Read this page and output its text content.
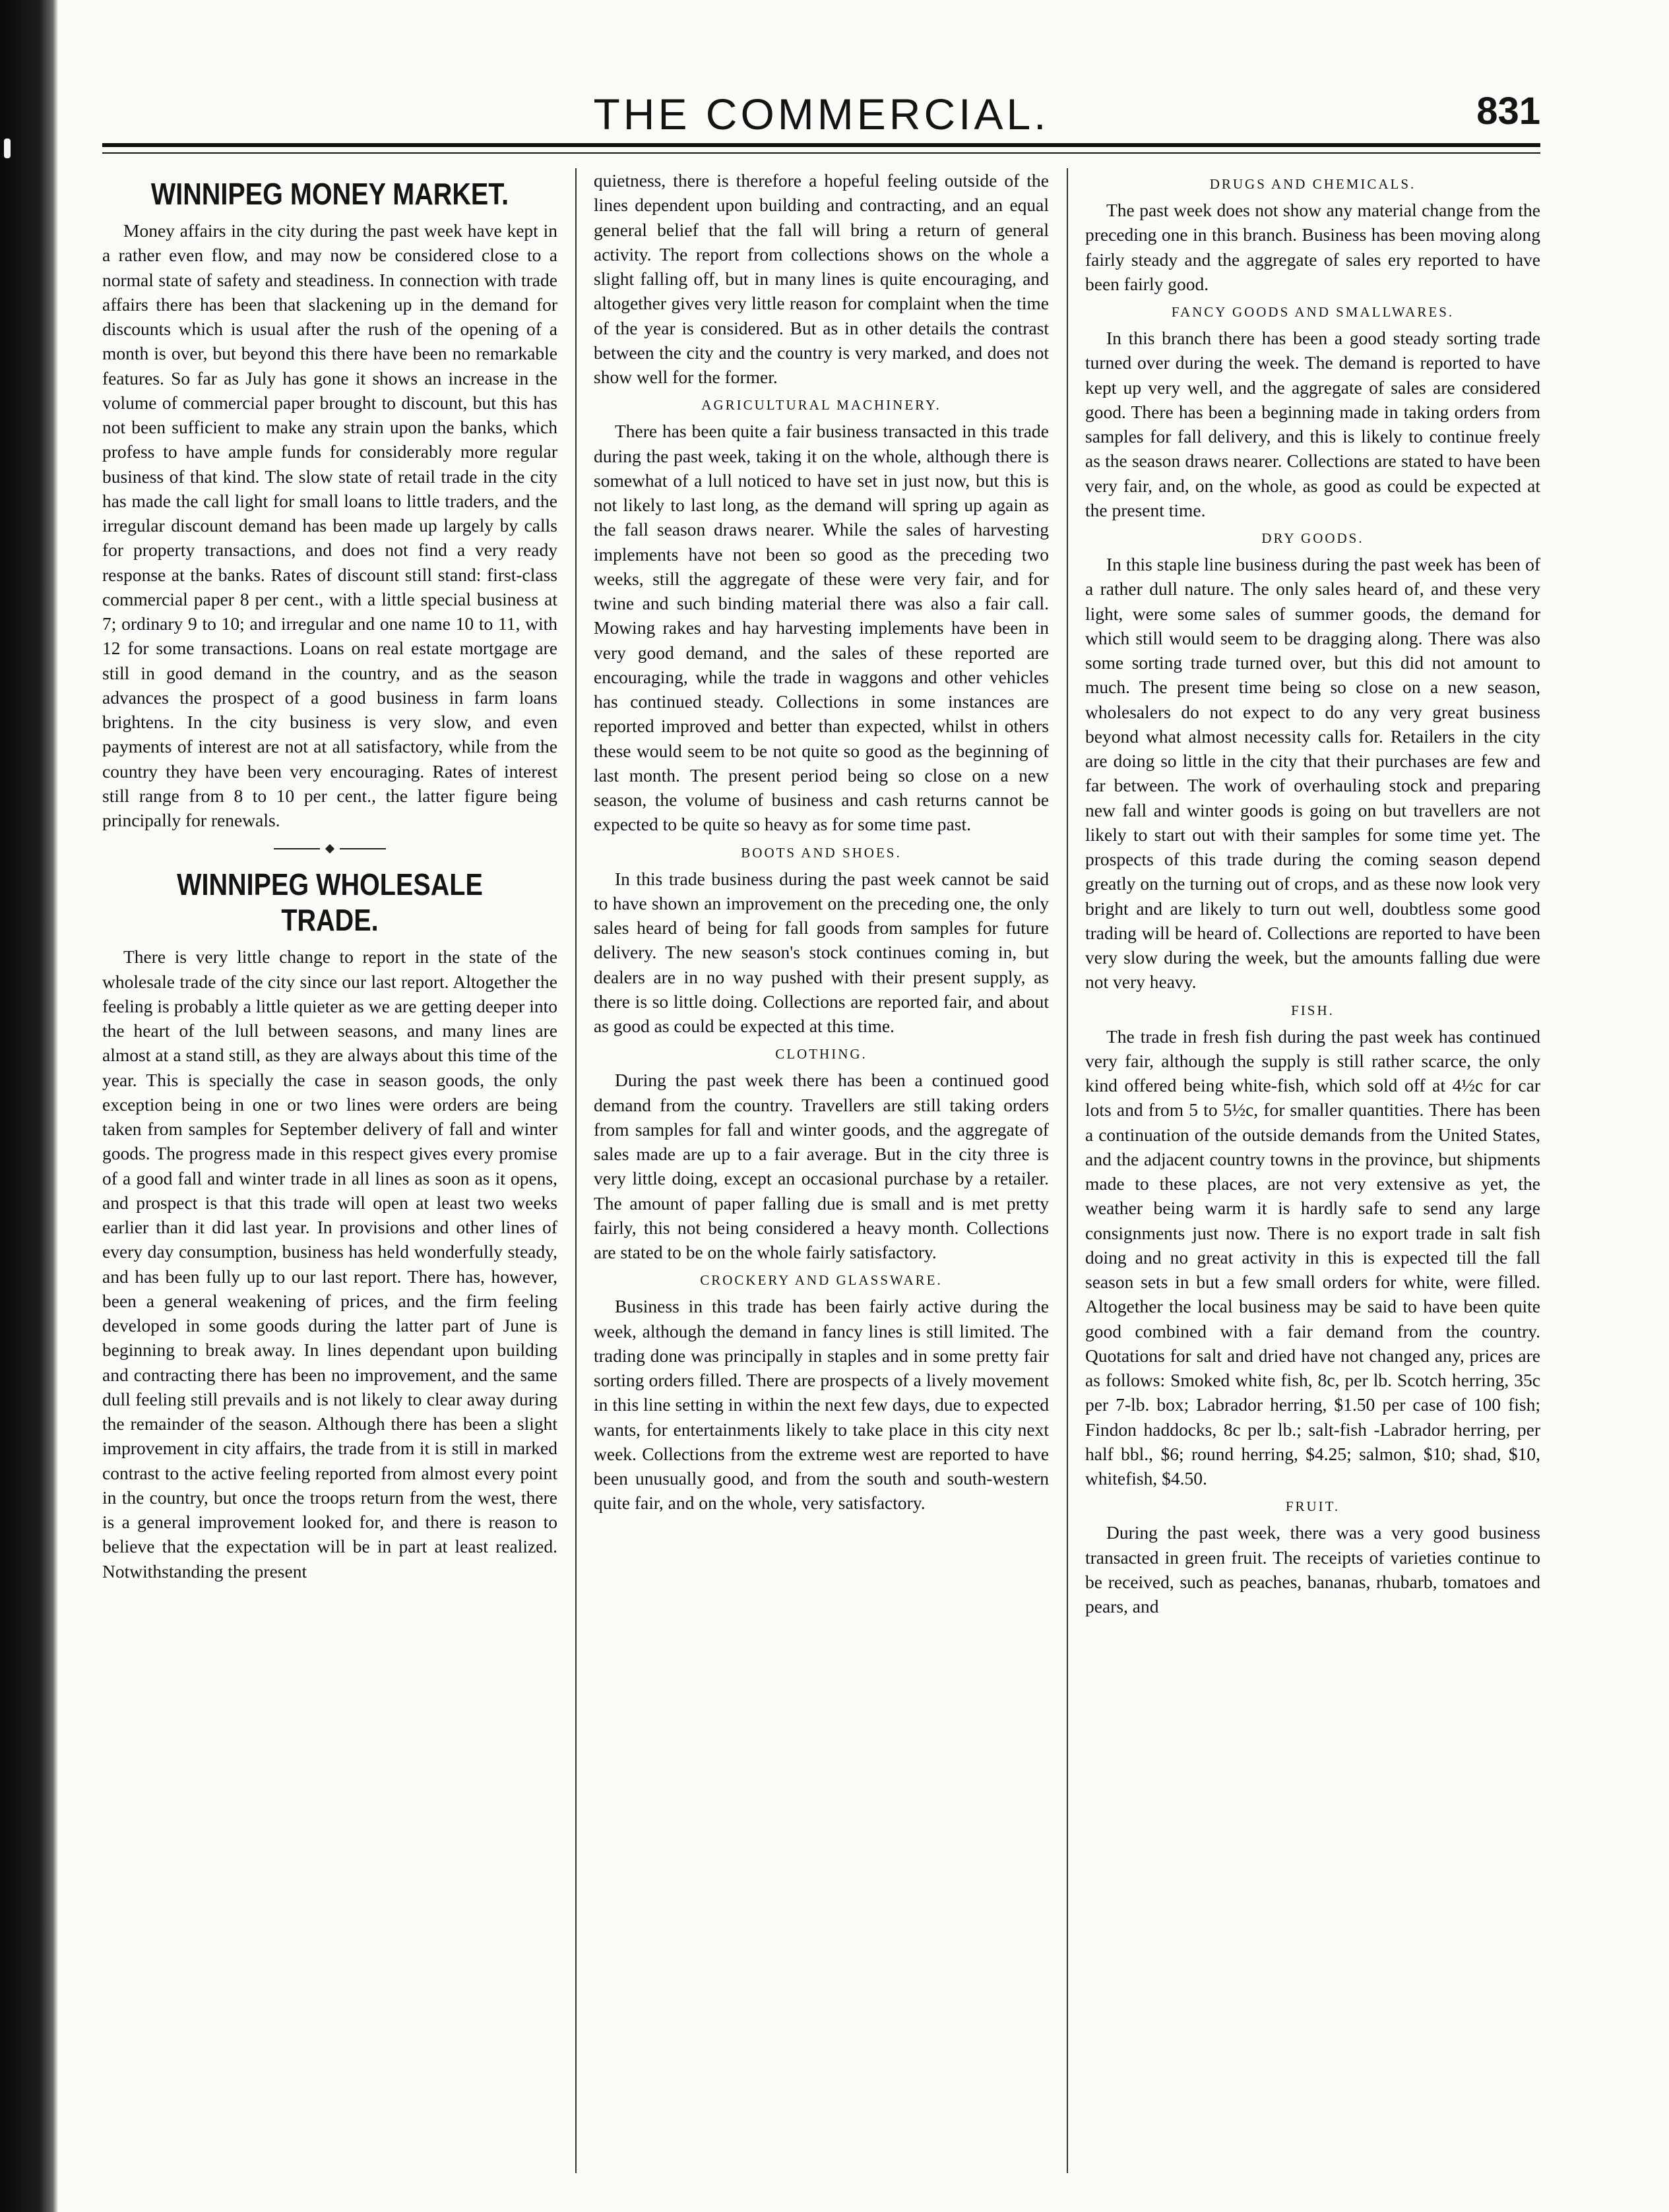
THE COMMERCIAL.	831
WINNIPEG MONEY MARKET.

Money affairs in the city during the past week have kept in a rather even flow, and may now be considered close to a normal state of safety and steadiness. In connection with trade affairs there has been that slackening up in the demand for discounts which is usual after the rush of the opening of a month is over, but beyond this there have been no remarkable features. So far as July has gone it shows an increase in the volume of commercial paper brought to discount, but this has not been sufficient to make any strain upon the banks, which profess to have ample funds for considerably more regular business of that kind. The slow state of retail trade in the city has made the call light for small loans to little traders, and the irregular discount demand has been made up largely by calls for property transactions, and does not find a very ready response at the banks. Rates of discount still stand: first-class commercial paper 8 per cent., with a little special business at 7; ordinary 9 to 10; and irregular and one name 10 to 11, with 12 for some transactions. Loans on real estate mortgage are still in good demand in the country, and as the season advances the prospect of a good business in farm loans brightens. In the city business is very slow, and even payments of interest are not at all satisfactory, while from the country they have been very encouraging. Rates of interest still range from 8 to 10 per cent., the latter figure being principally for renewals.

WINNIPEG WHOLESALE TRADE.

There is very little change to report in the state of the wholesale trade of the city since our last report. Altogether the feeling is probably a little quieter as we are getting deeper into the heart of the lull between seasons, and many lines are almost at a stand still, as they are always about this time of the year. This is specially the case in season goods, the only exception being in one or two lines were orders are being taken from samples for September delivery of fall and winter goods. The progress made in this respect gives every promise of a good fall and winter trade in all lines as soon as it opens, and prospect is that this trade will open at least two weeks earlier than it did last year. In provisions and other lines of every day consumption, business has held wonderfully steady, and has been fully up to our last report. There has, however, been a general weakening of prices, and the firm feeling developed in some goods during the latter part of June is beginning to break away. In lines dependant upon building and contracting there has been no improvement, and the same dull feeling still prevails and is not likely to clear away during the remainder of the season. Although there has been a slight improvement in city affairs, the trade from it is still in marked contrast to the active feeling reported from almost every point in the country, but once the troops return from the west, there is a general improvement looked for, and there is reason to believe that the expectation will be in part at least realized. Notwithstanding the present

quietness, there is therefore a hopeful feeling outside of the lines dependent upon building and contracting, and an equal general belief that the fall will bring a return of general activity. The report from collections shows on the whole a slight falling off, but in many lines is quite encouraging, and altogether gives very little reason for complaint when the time of the year is considered. But as in other details the contrast between the city and the country is very marked, and does not show well for the former.

AGRICULTURAL MACHINERY.

There has been quite a fair business transacted in this trade during the past week, taking it on the whole, although there is somewhat of a lull noticed to have set in just now, but this is not likely to last long, as the demand will spring up again as the fall season draws nearer. While the sales of harvesting implements have not been so good as the preceding two weeks, still the aggregate of these were very fair, and for twine and such binding material there was also a fair call. Mowing rakes and hay harvesting implements have been in very good demand, and the sales of these reported are encouraging, while the trade in waggons and other vehicles has continued steady. Collections in some instances are reported improved and better than expected, whilst in others these would seem to be not quite so good as the beginning of last month. The present period being so close on a new season, the volume of business and cash returns cannot be expected to be quite so heavy as for some time past.

BOOTS AND SHOES.

In this trade business during the past week cannot be said to have shown an improvement on the preceding one, the only sales heard of being for fall goods from samples for future delivery. The new season's stock continues coming in, but dealers are in no way pushed with their present supply, as there is so little doing. Collections are reported fair, and about as good as could be expected at this time.

CLOTHING.

During the past week there has been a continued good demand from the country. Travellers are still taking orders from samples for fall and winter goods, and the aggregate of sales made are up to a fair average. But in the city three is very little doing, except an occasional purchase by a retailer. The amount of paper falling due is small and is met pretty fairly, this not being considered a heavy month. Collections are stated to be on the whole fairly satisfactory.

CROCKERY AND GLASSWARE.

Business in this trade has been fairly active during the week, although the demand in fancy lines is still limited. The trading done was principally in staples and in some pretty fair sorting orders filled. There are prospects of a lively movement in this line setting in within the next few days, due to expected wants, for entertainments likely to take place in this city next week. Collections from the extreme west are reported to have been unusually good, and from the south and south-western quite fair, and on the whole, very satisfactory.

DRUGS AND CHEMICALS.

The past week does not show any material change from the preceding one in this branch. Business has been moving along fairly steady and the aggregate of sales ery reported to have been fairly good.

FANCY GOODS AND SMALLWARES.

In this branch there has been a good steady sorting trade turned over during the week. The demand is reported to have kept up very well, and the aggregate of sales are considered good. There has been a beginning made in taking orders from samples for fall delivery, and this is likely to continue freely as the season draws nearer. Collections are stated to have been very fair, and, on the whole, as good as could be expected at the present time.

DRY GOODS.

In this staple line business during the past week has been of a rather dull nature. The only sales heard of, and these very light, were some sales of summer goods, the demand for which still would seem to be dragging along. There was also some sorting trade turned over, but this did not amount to much. The present time being so close on a new season, wholesalers do not expect to do any very great business beyond what almost necessity calls for. Retailers in the city are doing so little in the city that their purchases are few and far between. The work of overhauling stock and preparing new fall and winter goods is going on but travellers are not likely to start out with their samples for some time yet. The prospects of this trade during the coming season depend greatly on the turning out of crops, and as these now look very bright and are likely to turn out well, doubtless some good trading will be heard of. Collections are reported to have been very slow during the week, but the amounts falling due were not very heavy.

FISH.

The trade in fresh fish during the past week has continued very fair, although the supply is still rather scarce, the only kind offered being white-fish, which sold off at 4½c for car lots and from 5 to 5½c, for smaller quantities. There has been a continuation of the outside demands from the United States, and the adjacent country towns in the province, but shipments made to these places, are not very extensive as yet, the weather being warm it is hardly safe to send any large consignments just now. There is no export trade in salt fish doing and no great activity in this is expected till the fall season sets in but a few small orders for white, were filled. Altogether the local business may be said to have been quite good combined with a fair demand from the country. Quotations for salt and dried have not changed any, prices are as follows: Smoked white fish, 8c, per lb. Scotch herring, 35c per 7-lb. box; Labrador herring, $1.50 per case of 100 fish; Findon haddocks, 8c per lb.; salt-fish -Labrador herring, per half bbl., $6; round herring, $4.25; salmon, $10; shad, $10, whitefish, $4.50.

FRUIT.

During the past week, there was a very good business transacted in green fruit. The receipts of varieties continue to be received, such as peaches, bananas, rhubarb, tomatoes and pears, and
